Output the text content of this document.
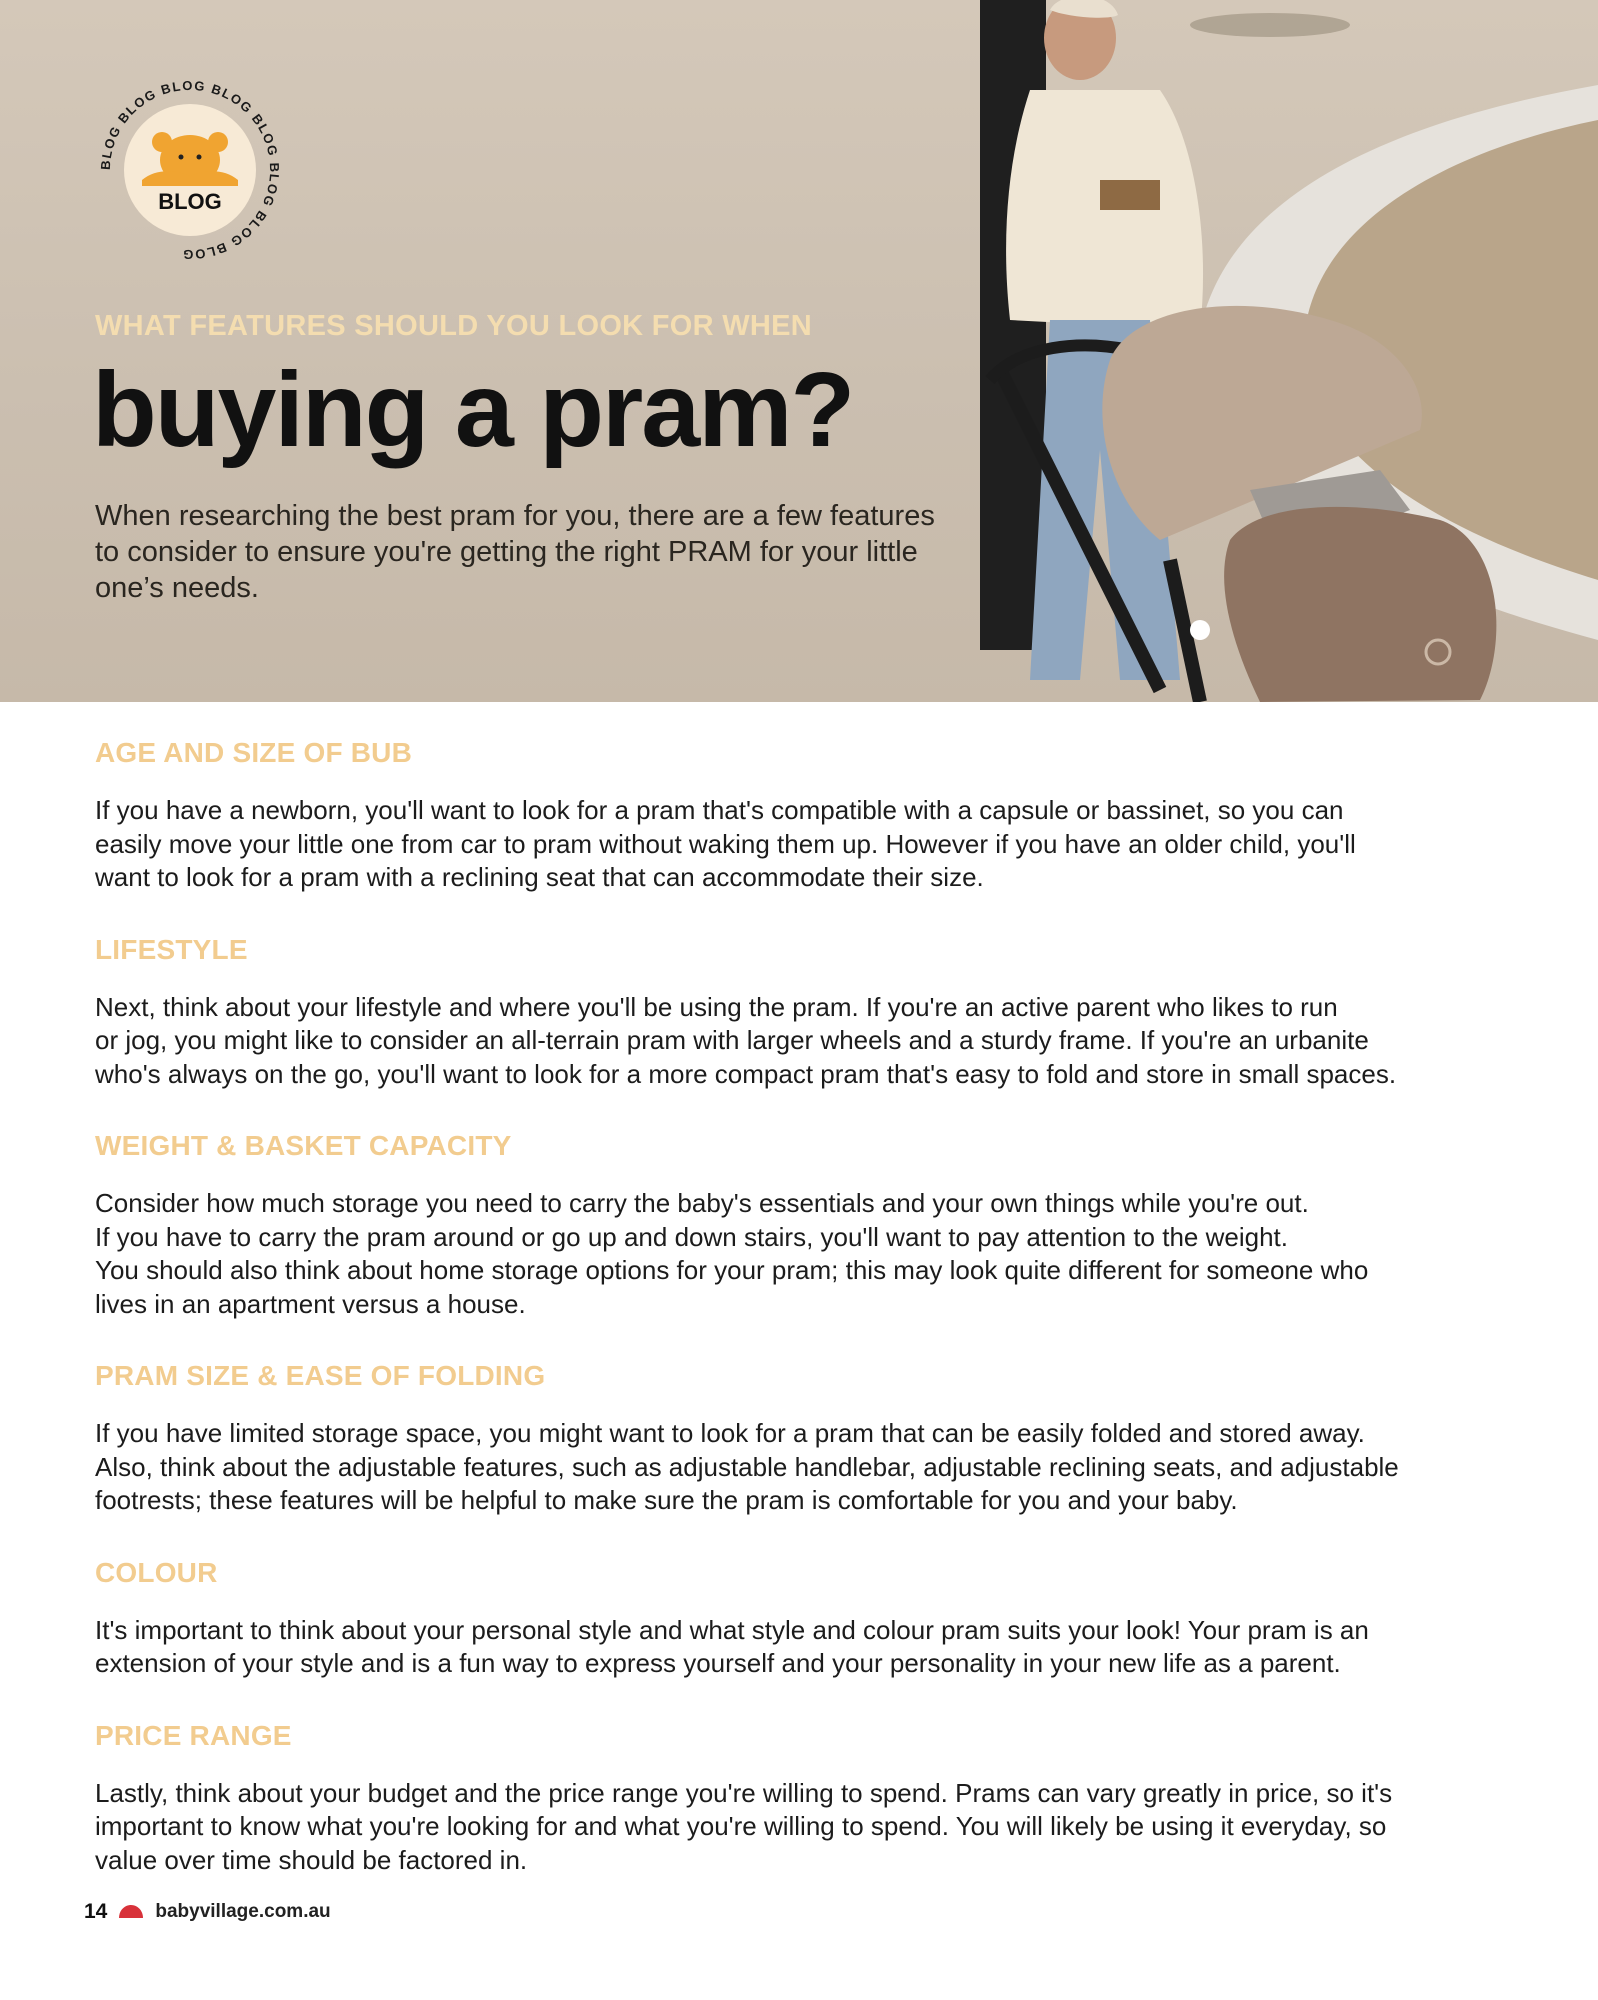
BLOG BLOG BLOG BLOG BLOG BLOG BLOG BLOG
BLOG
WHAT FEATURES SHOULD YOU LOOK FOR WHEN
buying a pram?

When researching the best pram for you, there are a few features to consider to ensure you're getting the right PRAM for your little one’s needs.

AGE AND SIZE OF BUB

If you have a newborn, you'll want to look for a pram that's compatible with a capsule or bassinet, so you can
easily move your little one from car to pram without waking them up. However if you have an older child, you'll
want to look for a pram with a reclining seat that can accommodate their size.

LIFESTYLE

Next, think about your lifestyle and where you'll be using the pram. If you're an active parent who likes to run
or jog, you might like to consider an all-terrain pram with larger wheels and a sturdy frame. If you're an urbanite
who's always on the go, you'll want to look for a more compact pram that's easy to fold and store in small spaces.

WEIGHT & BASKET CAPACITY

Consider how much storage you need to carry the baby's essentials and your own things while you're out.
If you have to carry the pram around or go up and down stairs, you'll want to pay attention to the weight.
You should also think about home storage options for your pram; this may look quite different for someone who
lives in an apartment versus a house.

PRAM SIZE & EASE OF FOLDING

If you have limited storage space, you might want to look for a pram that can be easily folded and stored away.
Also, think about the adjustable features, such as adjustable handlebar, adjustable reclining seats, and adjustable
footrests; these features will be helpful to make sure the pram is comfortable for you and your baby.

COLOUR

It's important to think about your personal style and what style and colour pram suits your look! Your pram is an
extension of your style and is a fun way to express yourself and your personality in your new life as a parent.

PRICE RANGE

Lastly, think about your budget and the price range you're willing to spend. Prams can vary greatly in price, so it's
important to know what you're looking for and what you're willing to spend. You will likely be using it everyday, so
value over time should be factored in.

14	babyvillage.com.au
